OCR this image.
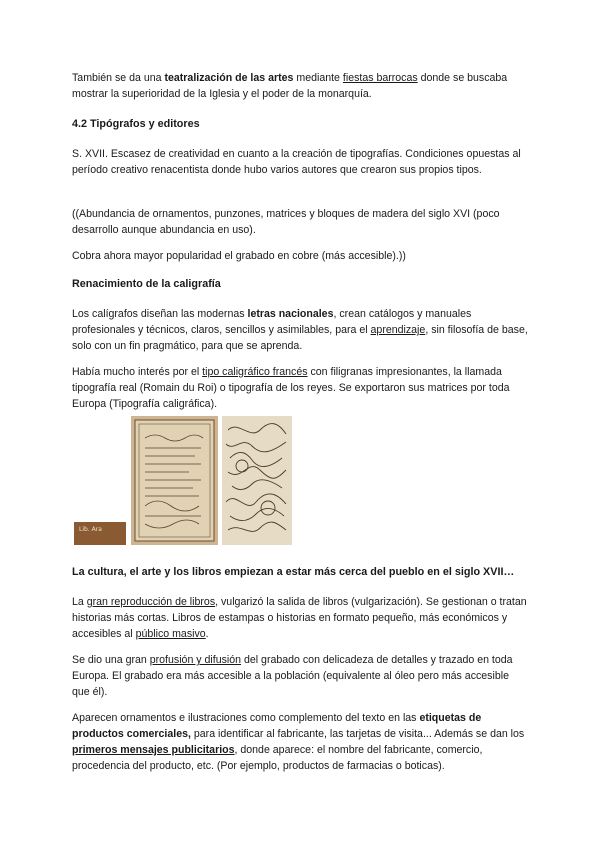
También se da una teatralización de las artes mediante fiestas barrocas donde se buscaba mostrar la superioridad de la Iglesia y el poder de la monarquía.

4.2 Tipógrafos y editores

S. XVII. Escasez de creatividad en cuanto a la creación de tipografías. Condiciones opuestas al período creativo renacentista donde hubo varios autores que crearon sus propios tipos.

((Abundancia de ornamentos, punzones, matrices y bloques de madera del siglo XVI (poco desarrollo aunque abundancia en uso).

Cobra ahora mayor popularidad el grabado en cobre (más accesible).))

Renacimiento de la caligrafía

Los calígrafos diseñan las modernas letras nacionales, crean catálogos y manuales profesionales y técnicos, claros, sencillos y asimilables, para el aprendizaje, sin filosofía de base, solo con un fin pragmático, para que se aprenda.

Había mucho interés por el tipo caligráfico francés con filigranas impresionantes, la llamada tipografía real (Romain du Roi) o tipografía de los reyes. Se exportaron sus matrices por toda Europa (Tipografía caligráfica).

La cultura, el arte y los libros empiezan a estar más cerca del pueblo en el siglo XVII…

La gran reproducción de libros, vulgarizó la salida de libros (vulgarización). Se gestionan o tratan historias más cortas. Libros de estampas o historias en formato pequeño, más económicos y accesibles al público masivo.

Se dio una gran profusión y difusión del grabado con delicadeza de detalles y trazado en toda Europa. El grabado era más accesible a la población (equivalente al óleo pero más accesible que él).

Aparecen ornamentos e ilustraciones como complemento del texto en las etiquetas de productos comerciales, para identificar al fabricante, las tarjetas de visita... Además se dan los primeros mensajes publicitarios, donde aparece: el nombre del fabricante, comercio, procedencia del producto, etc. (Por ejemplo, productos de farmacias o boticas).

Lib. Ara
